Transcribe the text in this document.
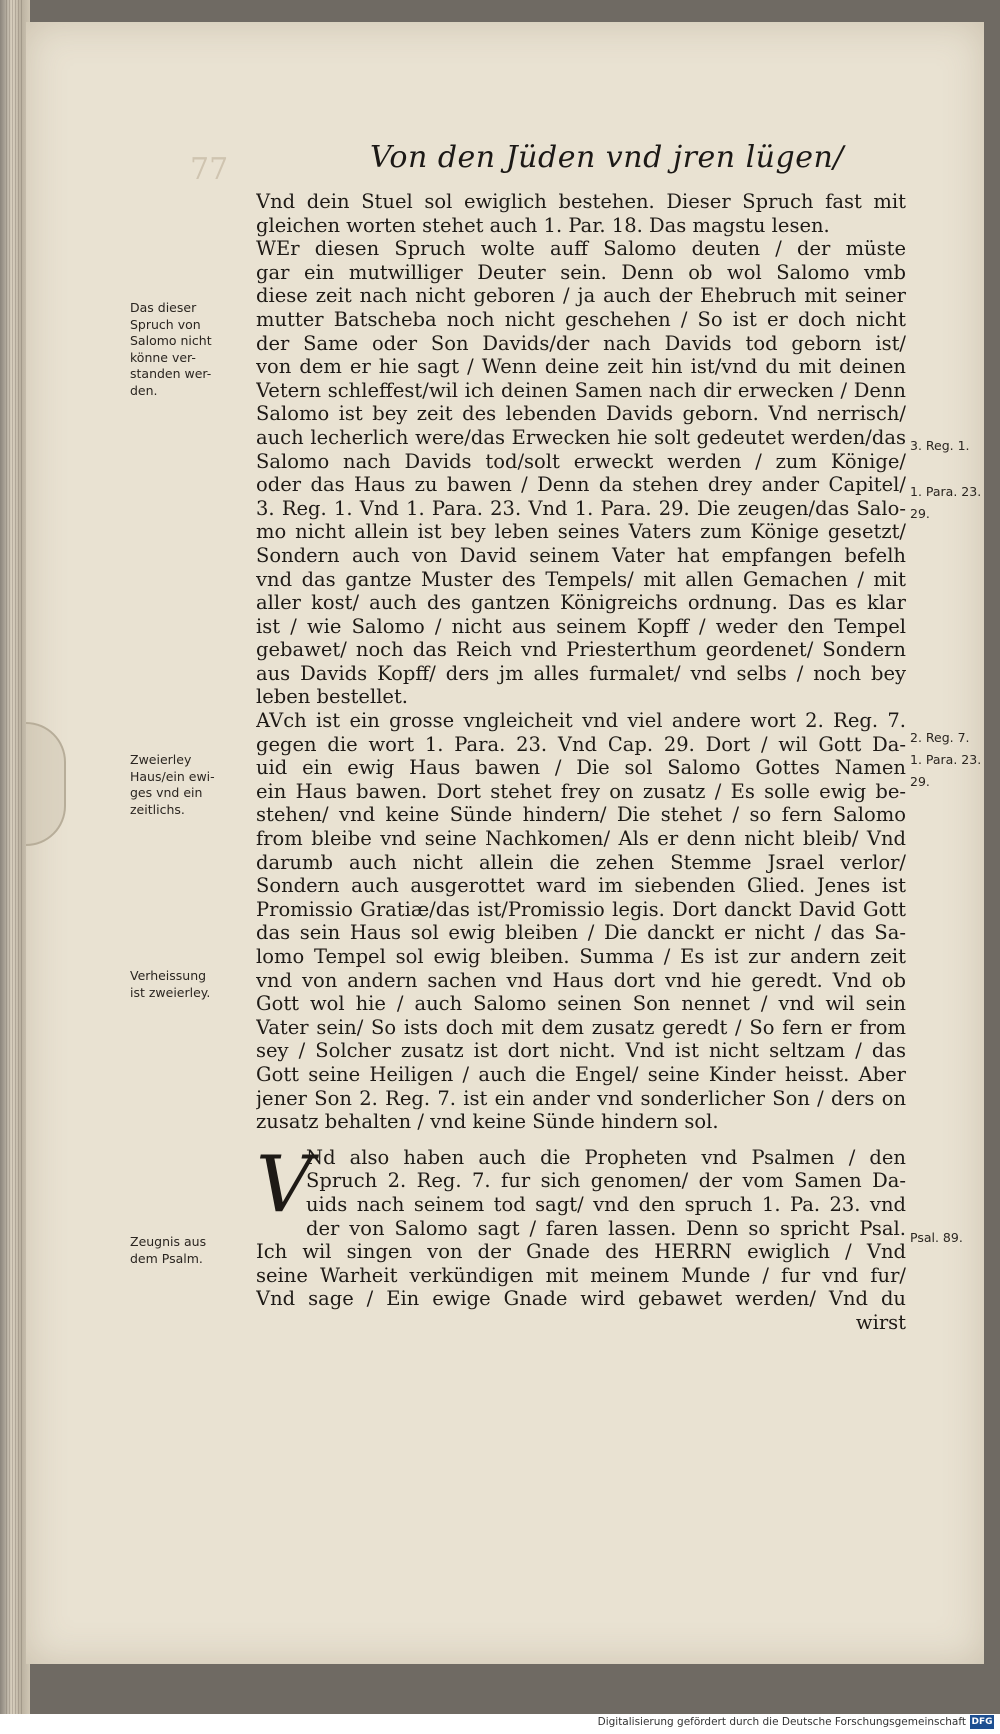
77	Von den Jüden vnd jren lügen/
Vnd dein Stuel sol ewiglich bestehen. Dieser Spruch fast mit
gleichen worten stehet auch 1. Par. 18. Das magstu lesen.
WEr diesen Spruch wolte auff Salomo deuten / der müste
gar ein mutwilliger Deuter sein. Denn ob wol Salomo vmb
diese zeit nach nicht geboren / ja auch der Ehebruch mit seiner
mutter Batscheba noch nicht geschehen / So ist er doch nicht
der Same oder Son Davids/der nach Davids tod geborn ist/
von dem er hie sagt / Wenn deine zeit hin ist/vnd du mit deinen
Vetern schleffest/wil ich deinen Samen nach dir erwecken / Denn
Salomo ist bey zeit des lebenden Davids geborn. Vnd nerrisch/
auch lecherlich were/das Erwecken hie solt gedeutet werden/das
Salomo nach Davids tod/solt erweckt werden / zum Könige/
oder das Haus zu bawen / Denn da stehen drey ander Capitel/
3. Reg. 1. Vnd 1. Para. 23. Vnd 1. Para. 29. Die zeugen/das Salo-
mo nicht allein ist bey leben seines Vaters zum Könige gesetzt/
Sondern auch von David seinem Vater hat empfangen befelh
vnd das gantze Muster des Tempels/ mit allen Gemachen / mit
aller kost/ auch des gantzen Königreichs ordnung. Das es klar
ist / wie Salomo / nicht aus seinem Kopff / weder den Tempel
gebawet/ noch das Reich vnd Priesterthum geordenet/ Sondern
aus Davids Kopff/ ders jm alles furmalet/ vnd selbs / noch bey
leben bestellet.
AVch ist ein grosse vngleicheit vnd viel andere wort 2. Reg. 7.
gegen die wort 1. Para. 23. Vnd Cap. 29. Dort / wil Gott Da-
uid ein ewig Haus bawen / Die sol Salomo Gottes Namen
ein Haus bawen. Dort stehet frey on zusatz / Es solle ewig be-
stehen/ vnd keine Sünde hindern/ Die stehet / so fern Salomo
from bleibe vnd seine Nachkomen/ Als er denn nicht bleib/ Vnd
darumb auch nicht allein die zehen Stemme Jsrael verlor/
Sondern auch ausgerottet ward im siebenden Glied. Jenes ist
Promissio Gratiæ/das ist/Promissio legis. Dort danckt David Gott
das sein Haus sol ewig bleiben / Die danckt er nicht / das Sa-
lomo Tempel sol ewig bleiben. Summa / Es ist zur andern zeit
vnd von andern sachen vnd Haus dort vnd hie geredt. Vnd ob
Gott wol hie / auch Salomo seinen Son nennet / vnd wil sein
Vater sein/ So ists doch mit dem zusatz geredt / So fern er from
sey / Solcher zusatz ist dort nicht. Vnd ist nicht seltzam / das
Gott seine Heiligen / auch die Engel/ seine Kinder heisst. Aber
jener Son 2. Reg. 7. ist ein ander vnd sonderlicher Son / ders on
zusatz behalten / vnd keine Sünde hindern sol.
V
Nd also haben auch die Propheten vnd Psalmen / den
Spruch 2. Reg. 7. fur sich genomen/ der vom Samen Da-
uids nach seinem tod sagt/ vnd den spruch 1. Pa. 23. vnd
der von Salomo sagt / faren lassen. Denn so spricht Psal.
Ich wil singen von der Gnade des HERRN ewiglich / Vnd
seine Warheit verkündigen mit meinem Munde / fur vnd fur/
Vnd sage / Ein ewige Gnade wird gebawet werden/ Vnd du
wirst
Das dieser
Spruch von
Salomo nicht
könne ver-
standen wer-
den.
Zweierley
Haus/ein ewi-
ges vnd ein
zeitlichs.
Verheissung
ist zweierley.
Zeugnis aus
dem Psalm.
3. Reg. 1.
1. Para. 23.
29.
2. Reg. 7.
1. Para. 23.
29.
Psal. 89.
Digitalisierung gefördert durch die Deutsche Forschungsgemeinschaft DFG
